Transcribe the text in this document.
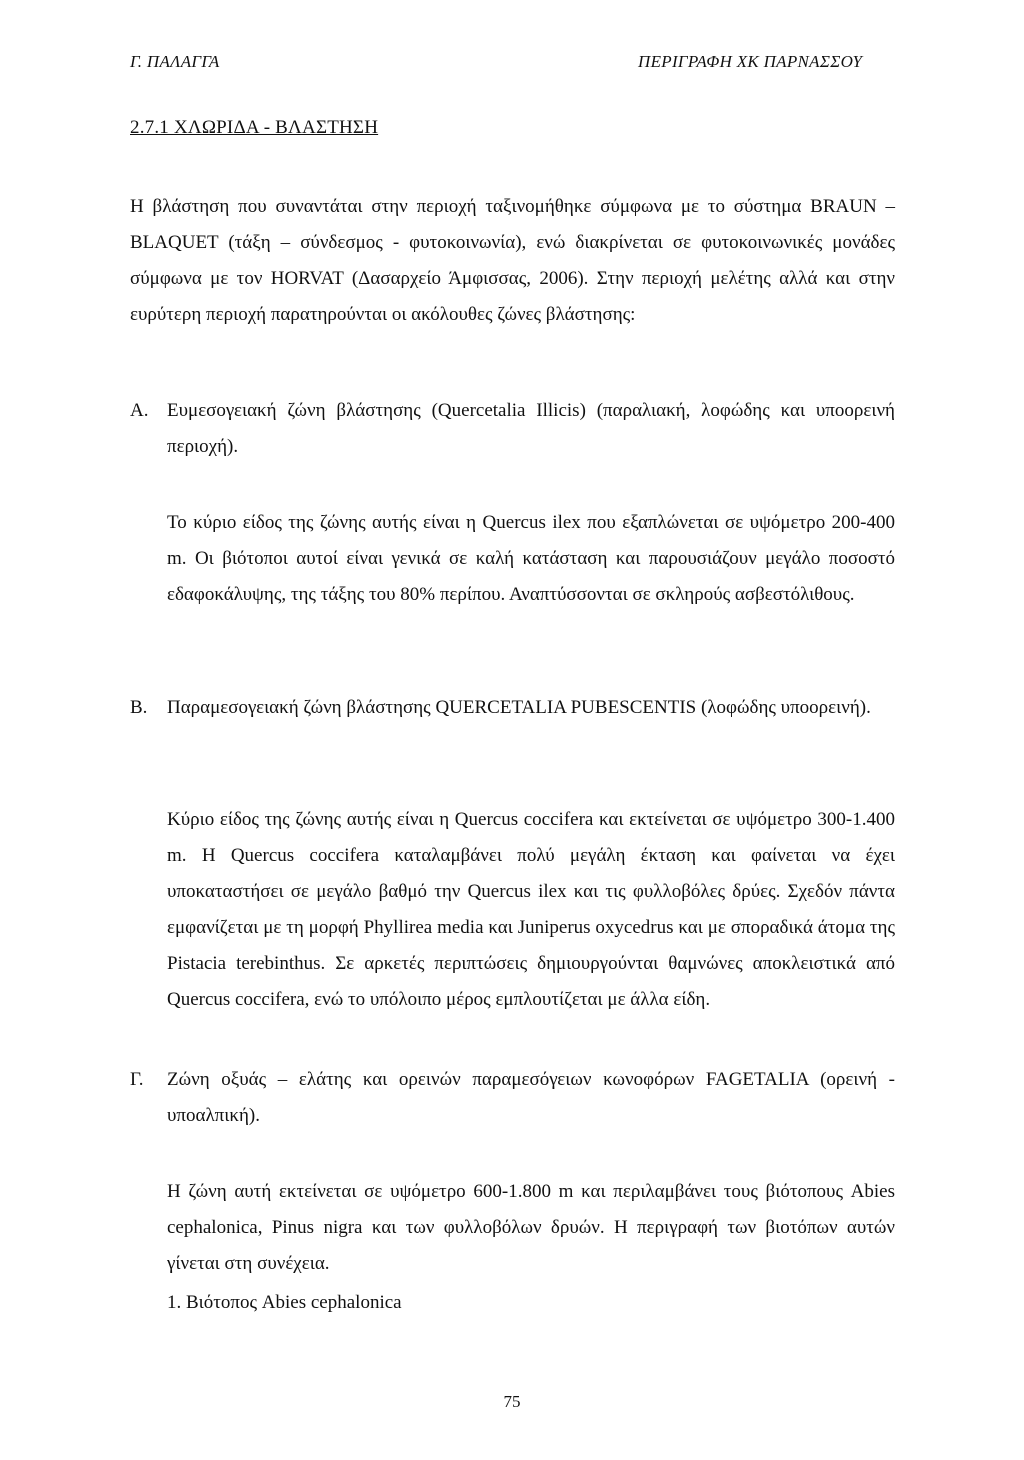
Γ. ΠΑΛΑΓΓΑ	ΠΕΡΙΓΡΑΦΗ ΧΚ ΠΑΡΝΑΣΣΟΥ
2.7.1 ΧΛΩΡΙΔΑ - ΒΛΑΣΤΗΣΗ

Η βλάστηση που συναντάται στην περιοχή ταξινομήθηκε σύμφωνα με το σύστημα BRAUN – BLAQUET (τάξη – σύνδεσμος - φυτοκοινωνία), ενώ διακρίνεται σε φυτοκοινωνικές μονάδες σύμφωνα με τον HORVAT (Δασαρχείο Άμφισσας, 2006). Στην περιοχή μελέτης αλλά και στην ευρύτερη περιοχή παρατηρούνται οι ακόλουθες ζώνες βλάστησης:

Α. Ευμεσογειακή ζώνη βλάστησης (Quercetalia Illicis) (παραλιακή, λοφώδης και υποορεινή περιοχή).

Το κύριο είδος της ζώνης αυτής είναι η Quercus ilex που εξαπλώνεται σε υψόμετρο 200-400 m. Οι βιότοποι αυτοί είναι γενικά σε καλή κατάσταση και παρουσιάζουν μεγάλο ποσοστό εδαφοκάλυψης, της τάξης του 80% περίπου. Αναπτύσσονται σε σκληρούς ασβεστόλιθους.

Β. Παραμεσογειακή ζώνη βλάστησης QUERCETALIA PUBESCENTIS (λοφώδης υποορεινή).

Κύριο είδος της ζώνης αυτής είναι η Quercus coccifera και εκτείνεται σε υψόμετρο 300-1.400 m. Η Quercus coccifera καταλαμβάνει πολύ μεγάλη έκταση και φαίνεται να έχει υποκαταστήσει σε μεγάλο βαθμό την Quercus ilex και τις φυλλοβόλες δρύες. Σχεδόν πάντα εμφανίζεται με τη μορφή Phyllirea media και Juniperus oxycedrus και με σποραδικά άτομα της Pistacia terebinthus. Σε αρκετές περιπτώσεις δημιουργούνται θαμνώνες αποκλειστικά από Quercus coccifera, ενώ το υπόλοιπο μέρος εμπλουτίζεται με άλλα είδη.

Γ. Ζώνη οξυάς – ελάτης και ορεινών παραμεσόγειων κωνοφόρων FAGETALIA (ορεινή - υποαλπική).

Η ζώνη αυτή εκτείνεται σε υψόμετρο 600-1.800 m και περιλαμβάνει τους βιότοπους Abies cephalonica, Pinus nigra και των φυλλοβόλων δρυών. Η περιγραφή των βιοτόπων αυτών γίνεται στη συνέχεια.

1. Βιότοπος Abies cephalonica

75
